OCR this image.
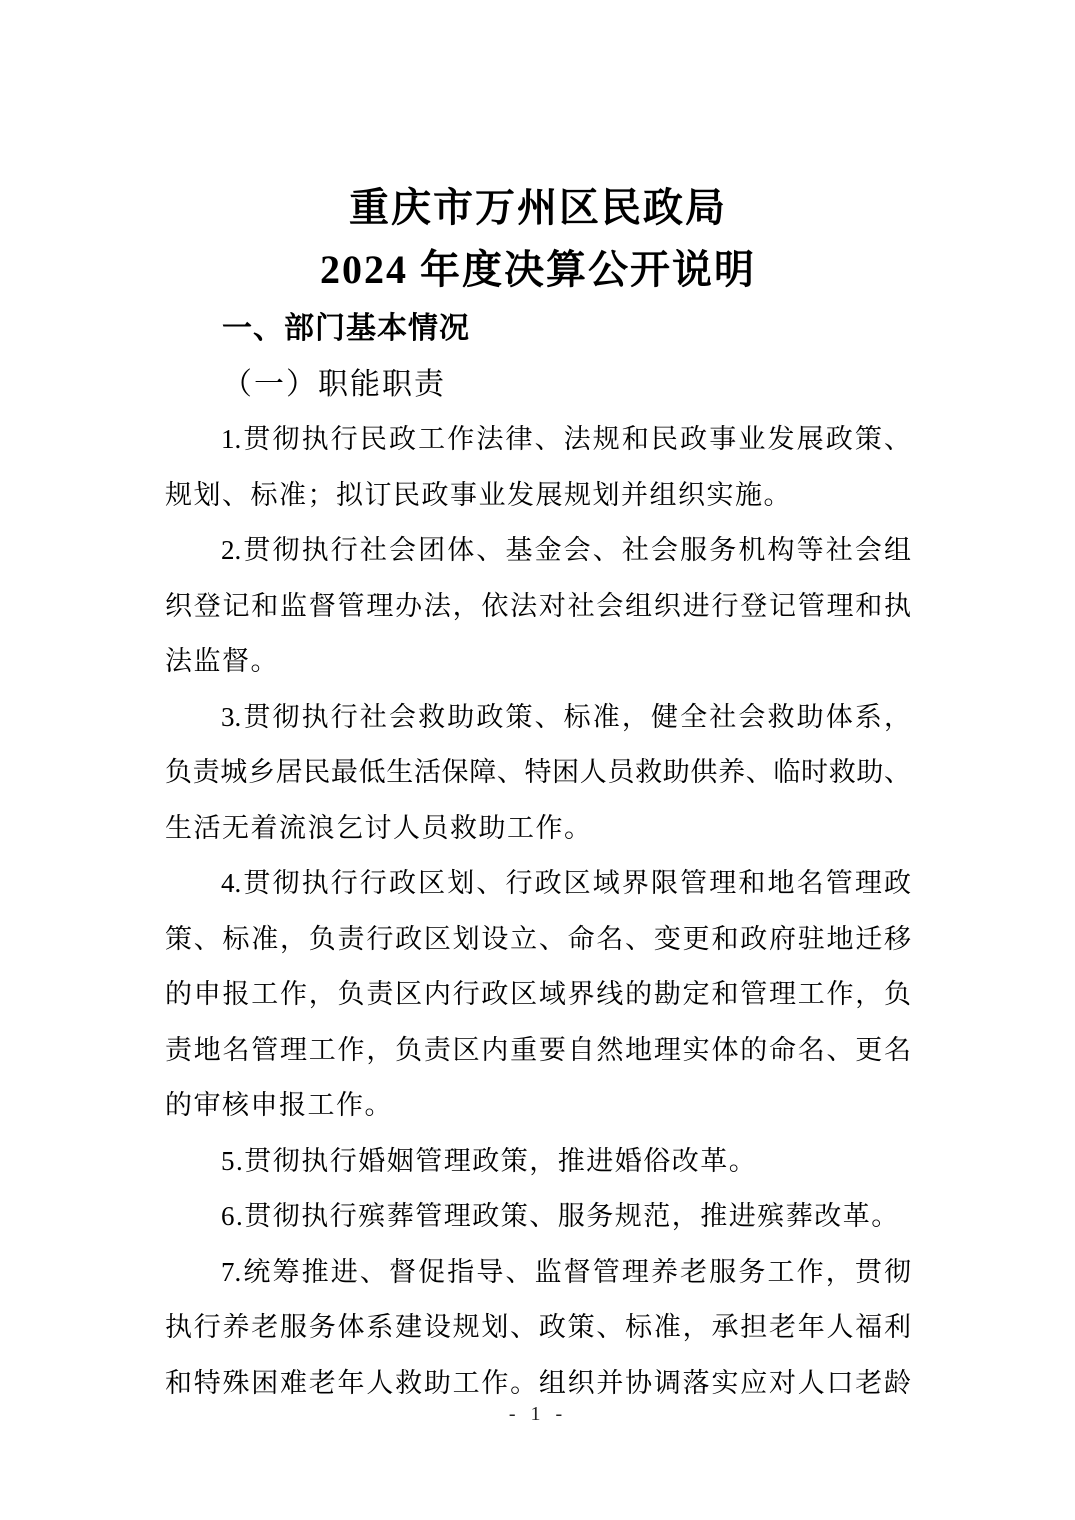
重庆市万州区民政局
2024 年度决算公开说明
一、部门基本情况
（一）职能职责
1.贯彻执行民政工作法律、法规和民政事业发展政策、
规划、标准；拟订民政事业发展规划并组织实施。
2.贯彻执行社会团体、基金会、社会服务机构等社会组
织登记和监督管理办法，依法对社会组织进行登记管理和执
法监督。
3.贯彻执行社会救助政策、标准，健全社会救助体系，
负责城乡居民最低生活保障、特困人员救助供养、临时救助、
生活无着流浪乞讨人员救助工作。
4.贯彻执行行政区划、行政区域界限管理和地名管理政
策、标准，负责行政区划设立、命名、变更和政府驻地迁移
的申报工作，负责区内行政区域界线的勘定和管理工作，负
责地名管理工作，负责区内重要自然地理实体的命名、更名
的审核申报工作。
5.贯彻执行婚姻管理政策，推进婚俗改革。
6.贯彻执行殡葬管理政策、服务规范，推进殡葬改革。
7.统筹推进、督促指导、监督管理养老服务工作，贯彻
执行养老服务体系建设规划、政策、标准，承担老年人福利
和特殊困难老年人救助工作。组织并协调落实应对人口老龄
- 1 -
